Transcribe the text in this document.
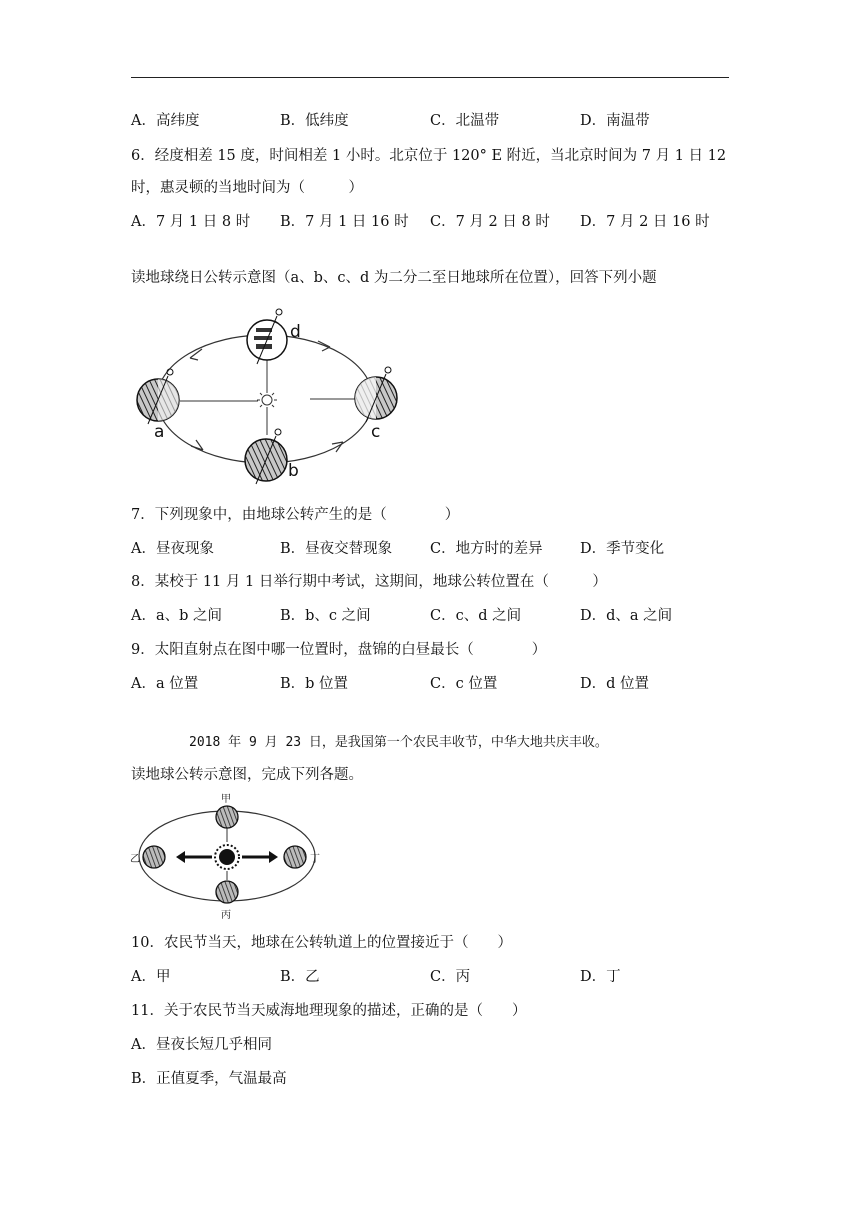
A．高纬度	B．低纬度	C．北温带	D．南温带
6．经度相差 15 度，时间相差 1 小时。北京位于 120° E 附近，当北京时间为 7 月 1 日 12
时，惠灵顿的当地时间为（　　　）
A．7 月 1 日 8 时 B．7 月 1 日 16 时 C．7 月 2 日 8 时 D．7 月 2 日 16 时
读地球绕日公转示意图（a、b、c、d 为二分二至日地球所在位置），回答下列小题
a
b
c
d
7．下列现象中，由地球公转产生的是（　　　　）
A．昼夜现象	B．昼夜交替现象	C．地方时的差异	D．季节变化
8．某校于 11 月 1 日举行期中考试，这期间，地球公转位置在（　　　）
A．a、b 之间	B．b、c 之间	C．c、d 之间	D．d、a 之间
9．太阳直射点在图中哪一位置时，盘锦的白昼最长（　　　　）
A．a 位置	B．b 位置	C．c 位置	D．d 位置
2018 年 9 月 23 日，是我国第一个农民丰收节，中华大地共庆丰收。
读地球公转示意图，完成下列各题。
甲
乙
丙
丁
10．农民节当天，地球在公转轨道上的位置接近于（　　）
A．甲	B．乙	C．丙	D．丁
11．关于农民节当天威海地理现象的描述，正确的是（　　）
A．昼夜长短几乎相同
B．正值夏季，气温最高
